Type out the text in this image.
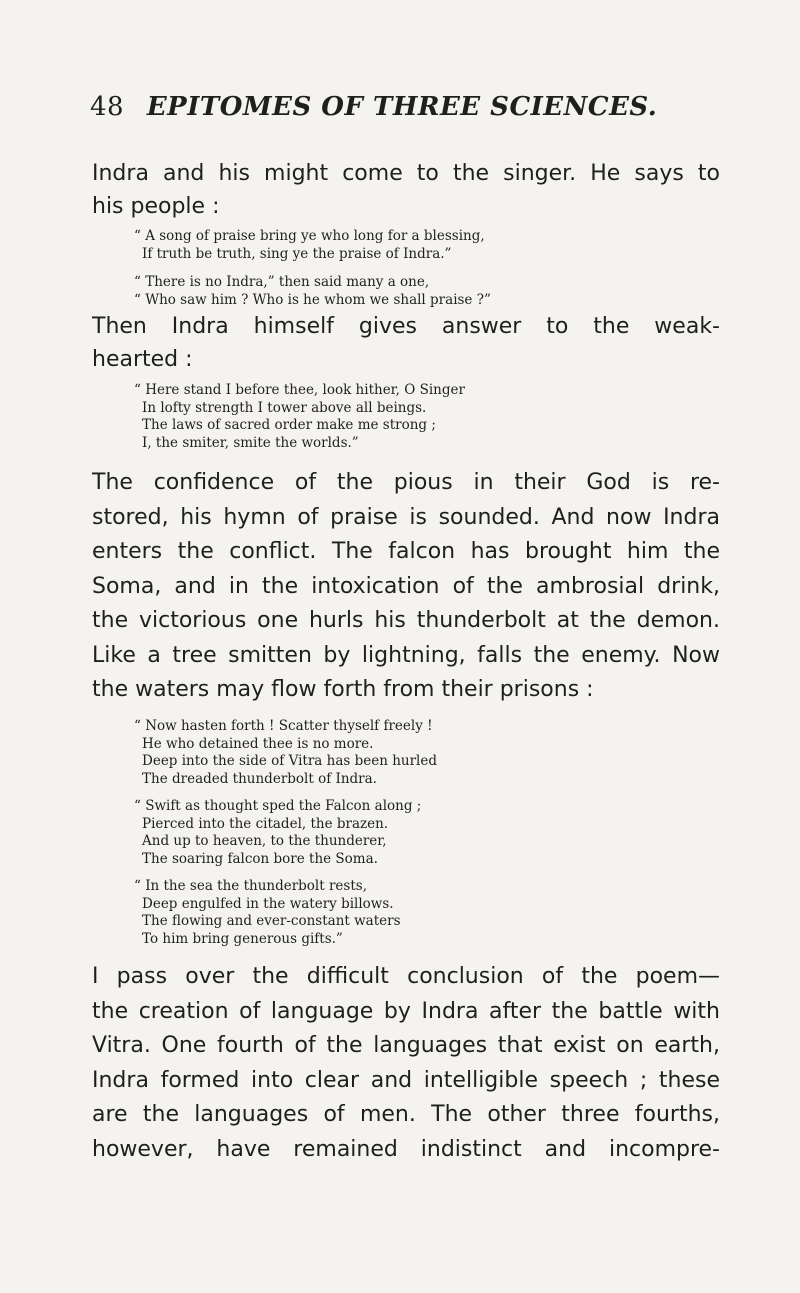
48 EPITOMES OF THREE SCIENCES.
Indra and his might come to the singer. He says to
his people :
“ A song of praise bring ye who long for a blessing,
If truth be truth, sing ye the praise of Indra.”
“ There is no Indra,” then said many a one,
“ Who saw him ? Who is he whom we shall praise ?”
Then Indra himself gives answer to the weak-
hearted :
“ Here stand I before thee, look hither, O Singer
In lofty strength I tower above all beings.
The laws of sacred order make me strong ;
I, the smiter, smite the worlds.”
The confidence of the pious in their God is re-
stored, his hymn of praise is sounded. And now Indra
enters the conflict. The falcon has brought him the
Soma, and in the intoxication of the ambrosial drink,
the victorious one hurls his thunderbolt at the demon.
Like a tree smitten by lightning, falls the enemy. Now
the waters may flow forth from their prisons :
“ Now hasten forth ! Scatter thyself freely !
He who detained thee is no more.
Deep into the side of Vitra has been hurled
The dreaded thunderbolt of Indra.
“ Swift as thought sped the Falcon along ;
Pierced into the citadel, the brazen.
And up to heaven, to the thunderer,
The soaring falcon bore the Soma.
“ In the sea the thunderbolt rests,
Deep engulfed in the watery billows.
The flowing and ever-constant waters
To him bring generous gifts.”
I pass over the difficult conclusion of the poem—
the creation of language by Indra after the battle with
Vitra. One fourth of the languages that exist on earth,
Indra formed into clear and intelligible speech ; these
are the languages of men. The other three fourths,
however, have remained indistinct and incompre-
